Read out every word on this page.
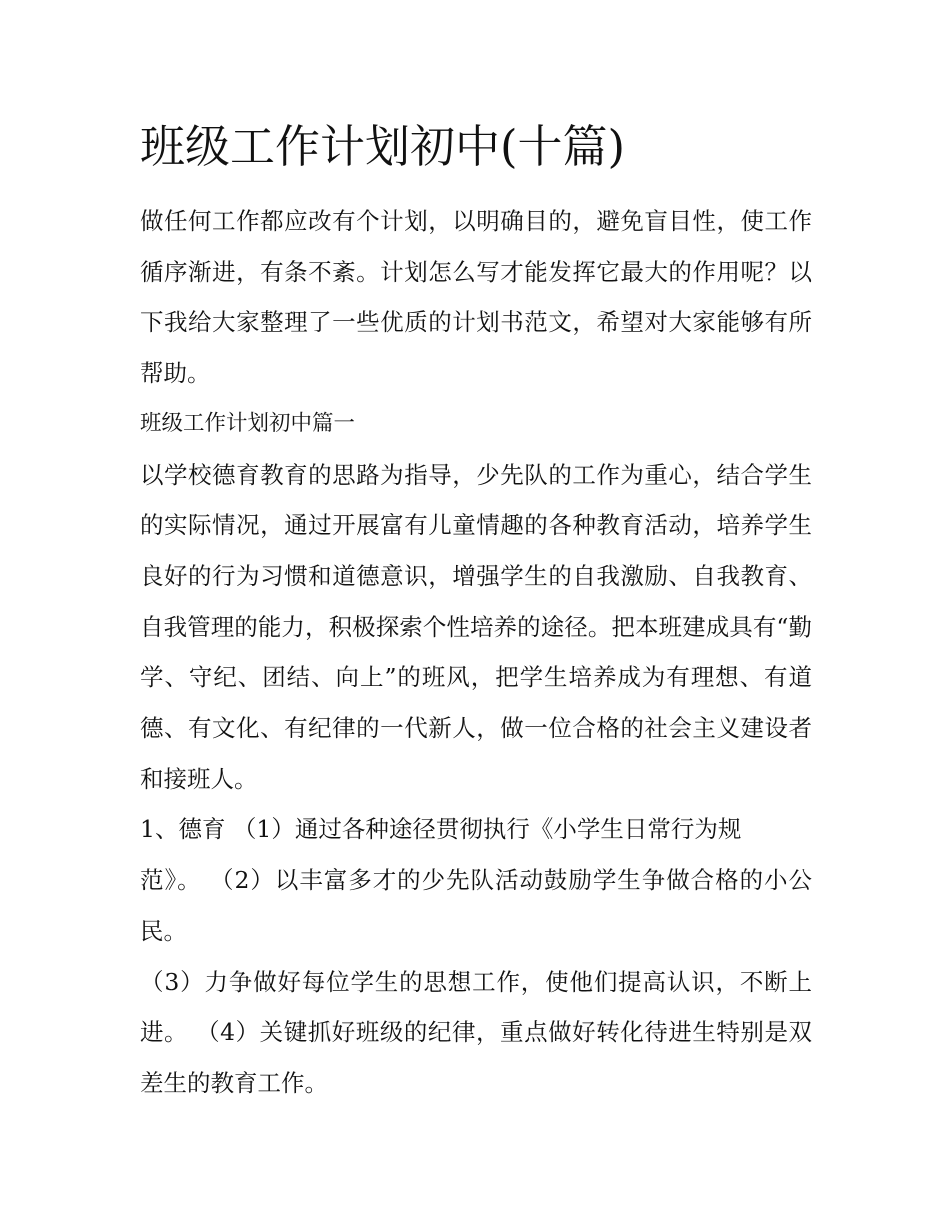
班级工作计划初中(十篇)

做任何工作都应改有个计划，以明确目的，避免盲目性，使工作循序渐进，有条不紊。计划怎么写才能发挥它最大的作用呢？以下我给大家整理了一些优质的计划书范文，希望对大家能够有所帮助。

班级工作计划初中篇一

以学校德育教育的思路为指导，少先队的工作为重心，结合学生的实际情况，通过开展富有儿童情趣的各种教育活动，培养学生良好的行为习惯和道德意识，增强学生的自我激励、自我教育、自我管理的能力，积极探索个性培养的途径。把本班建成具有“勤学、守纪、团结、向上”的班风，把学生培养成为有理想、有道德、有文化、有纪律的一代新人，做一位合格的社会主义建设者和接班人。

1、德育 （1）通过各种途径贯彻执行《小学生日常行为规

范》。 （2）以丰富多才的少先队活动鼓励学生争做合格的小公民。

（3）力争做好每位学生的思想工作，使他们提高认识，不断上进。 （4）关键抓好班级的纪律，重点做好转化待进生特别是双差生的教育工作。
